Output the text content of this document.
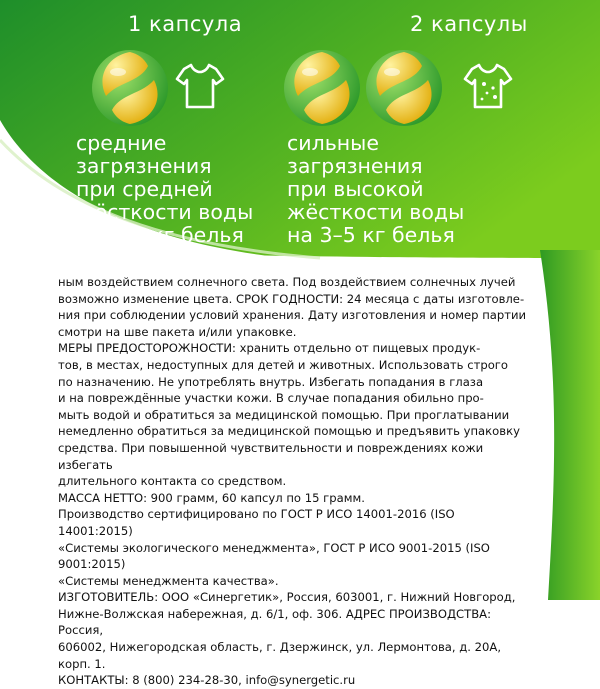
1 капсула
средние
загрязнения
при средней
жёсткости воды
на 3–5 кг белья
2 капсулы
сильные
загрязнения
при высокой
жёсткости воды
на 3–5 кг белья

ным воздействием солнечного света. Под воздействием солнечных лучей

возможно изменение цвета. СРОК ГОДНОСТИ: 24 месяца с даты изготовле-

ния при соблюдении условий хранения. Дату изготовления и номер партии

смотри на шве пакета и/или упаковке.

МЕРЫ ПРЕДОСТОРОЖНОСТИ: хранить отдельно от пищевых продук-

тов, в местах, недоступных для детей и животных. Использовать строго

по назначению. Не употреблять внутрь. Избегать попадания в глаза

и на повреждённые участки кожи. В случае попадания обильно про-

мыть водой и обратиться за медицинской помощью. При проглатывании

немедленно обратиться за медицинской помощью и предъявить упаковку

средства. При повышенной чувствительности и повреждениях кожи избегать

длительного контакта со средством.

МАССА НЕТТО: 900 грамм, 60 капсул по 15 грамм.

Производство сертифицировано по ГОСТ Р ИСО 14001-2016 (ISO 14001:2015)

«Системы экологического менеджмента», ГОСТ Р ИСО 9001-2015 (ISO 9001:2015)

«Системы менеджмента качества».

ИЗГОТОВИТЕЛЬ: ООО «Синергетик», Россия, 603001, г. Нижний Новгород,

Нижне-Волжская набережная, д. 6/1, оф. 306. АДРЕС ПРОИЗВОДСТВА: Россия,

606002, Нижегородская область, г. Дзержинск, ул. Лермонтова, д. 20А, корп. 1.

КОНТАКТЫ: 8 (800) 234-28-30, info@synergetic.ru
